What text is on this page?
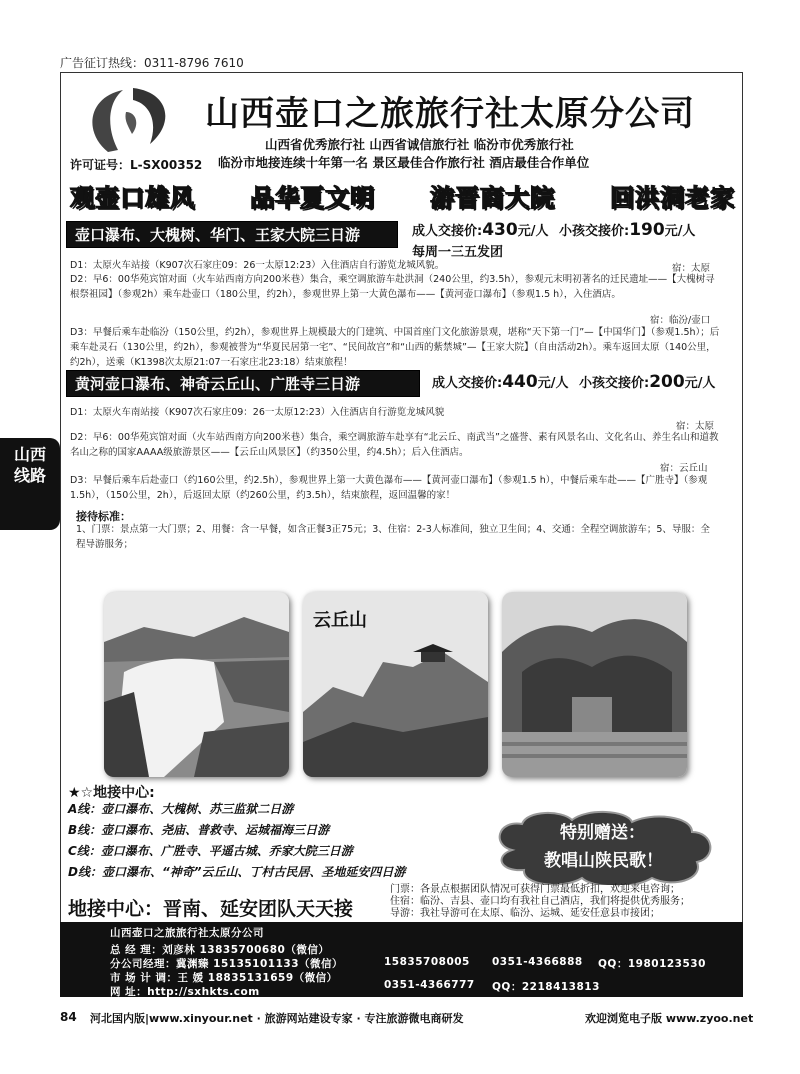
广告征订热线：0311-8796 7610
山西壶口之旅旅行社太原分公司
山西省优秀旅行社 山西省诚信旅行社 临汾市优秀旅行社
许可证号：L-SX00352 临汾市地接连续十年第一名 景区最佳合作旅行社 酒店最佳合作单位
观壶口雄风 品华夏文明 游晋商大院 回洪洞老家
壶口瀑布、大槐树、华门、王家大院三日游	成人交接价:430元/人 小孩交接价:190元/人
每周一三五发团
D1：太原火车站接（K907次石家庄09：26一太原12:23）入住酒店自行游览龙城风貌。	宿：太原
D2：早6：00华苑宾馆对面（火车站西南方向200米巷）集合，乘空调旅游车赴洪洞（240公里，约3.5h），参观元末明初著名的迁民遗址——【大槐树寻根祭祖园】（参观2h）乘车赴壶口（180公里，约2h），参观世界上第一大黄色瀑布——【黄河壶口瀑布】（参观1.5 h），入住酒店。
宿：临汾/壶口
D3：早餐后乘车赴临汾（150公里，约2h），参观世界上规模最大的门建筑、中国首座门文化旅游景观，堪称“天下第一门”—【中国华门】（参观1.5h）；后乘车赴灵石（130公里，约2h），参观被誉为“华夏民居第一宅”、“民间故宫”和“山西的紫禁城”—【王家大院】（自由活动2h）。乘车返回太原（140公里，约2h），送乘（K1398次太原21:07一石家庄北23:18）结束旅程！
黄河壶口瀑布、神奇云丘山、广胜寺三日游	成人交接价:440元/人 小孩交接价:200元/人
D1：太原火车南站接（K907次石家庄09：26一太原12:23）入住酒店自行游览龙城风貌
宿：太原
D2：早6：00华苑宾馆对面（火车站西南方向200米巷）集合，乘空调旅游车赴享有“北云丘、南武当”之盛誉、素有风景名山、文化名山、养生名山和道教名山之称的国家AAAA级旅游景区——【云丘山风景区】（约350公里，约4.5h）；后入住酒店。
宿：云丘山
D3：早餐后乘车后赴壶口（约160公里，约2.5h），参观世界上第一大黄色瀑布——【黄河壶口瀑布】（参观1.5 h），中餐后乘车赴——【广胜寺】（参观1.5h），（150公里，2h），后返回太原（约260公里，约3.5h），结束旅程，返回温馨的家！
接待标准：
1、门票：景点第一大门票；2、用餐：含一早餐，如含正餐3正75元；3、住宿：2-3人标准间，独立卫生间；4、交通：全程空调旅游车；5、导服：全程导游服务；
云丘山
★☆地接中心:
A线：壶口瀑布、大槐树、苏三监狱二日游
B线：壶口瀑布、尧庙、普救寺、运城福海三日游
C线：壶口瀑布、广胜寺、平遥古城、乔家大院三日游
D线：壶口瀑布、“神奇”云丘山、丁村古民居、圣地延安四日游
地接中心：晋南、延安团队天天接
特别赠送：
教唱山陕民歌！
门票：各景点根据团队情况可获得门票最低折扣，欢迎来电咨询；
住宿：临汾、吉县、壶口均有我社自己酒店，我们将提供优秀服务；
导游：我社导游可在太原、临汾、运城、延安任意县市接团；
山西壶口之旅旅行社太原分公司
总 经 理：刘彦林 13835700680（微信）
分公司经理：冀渊臻 15135101133（微信）
市 场 计 调：王 媛 18835131659（微信）
网 址：http://sxhkts.com
15835708005 0351-4366888 QQ：1980123530
0351-4366777 QQ：2218413813
山西
线路
84 河北国内版|www.xinyour.net · 旅游网站建设专家 · 专注旅游微电商研发	欢迎浏览电子版 www.zyoo.net
